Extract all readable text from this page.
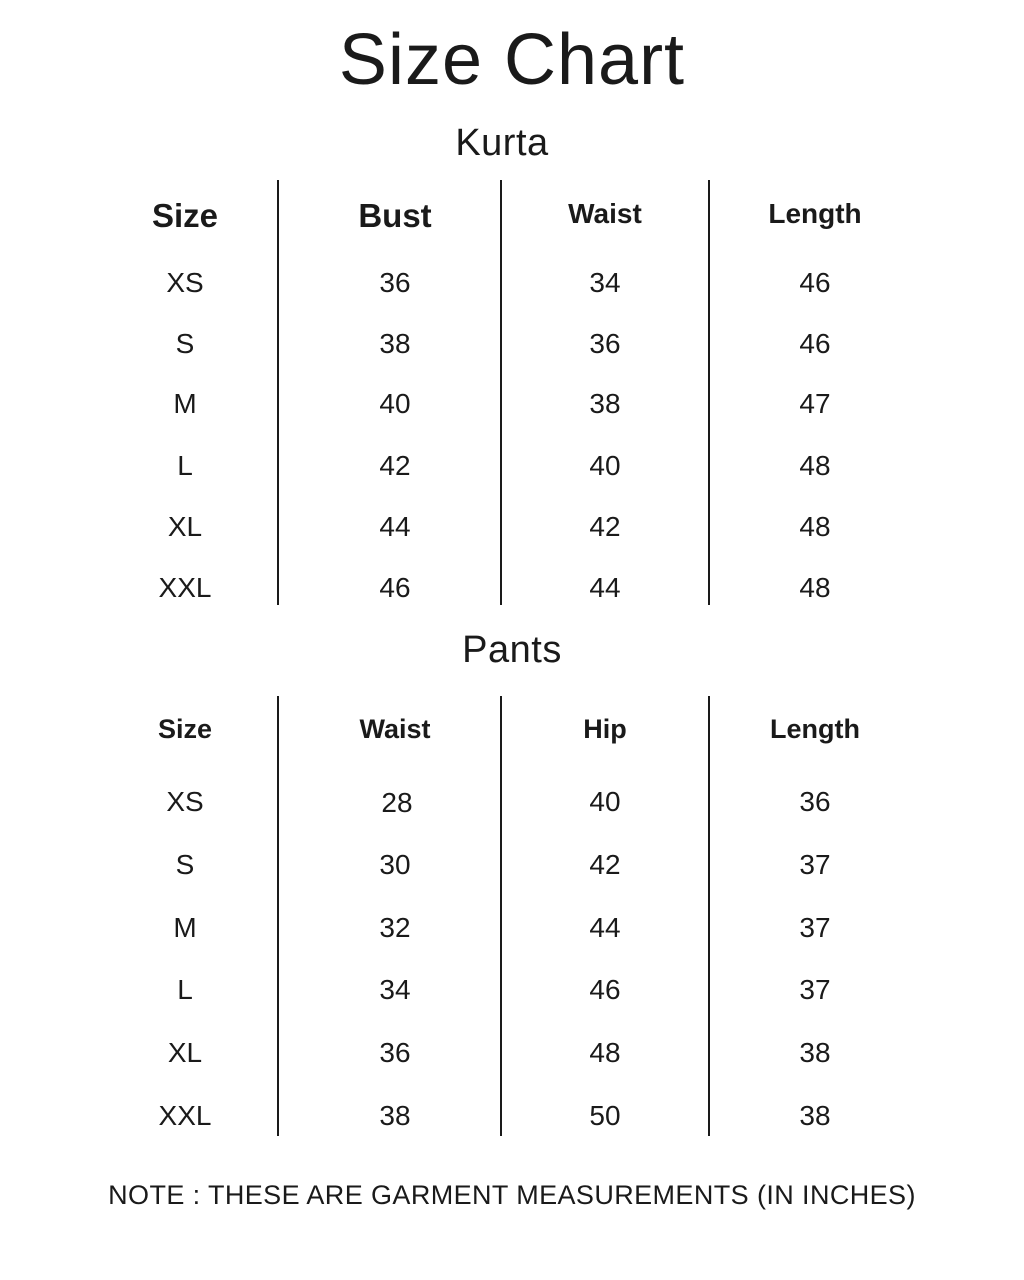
Size Chart
Kurta
Size	Bust	Waist	Length
XS	36	34	46
S	38	36	46
M	40	38	47
L	42	40	48
XL	44	42	48
XXL	46	44	48
Pants
Size	Waist	Hip	Length
XS	28	40	36
S	30	42	37
M	32	44	37
L	34	46	37
XL	36	48	38
XXL	38	50	38
NOTE : THESE ARE GARMENT MEASUREMENTS (IN INCHES)
